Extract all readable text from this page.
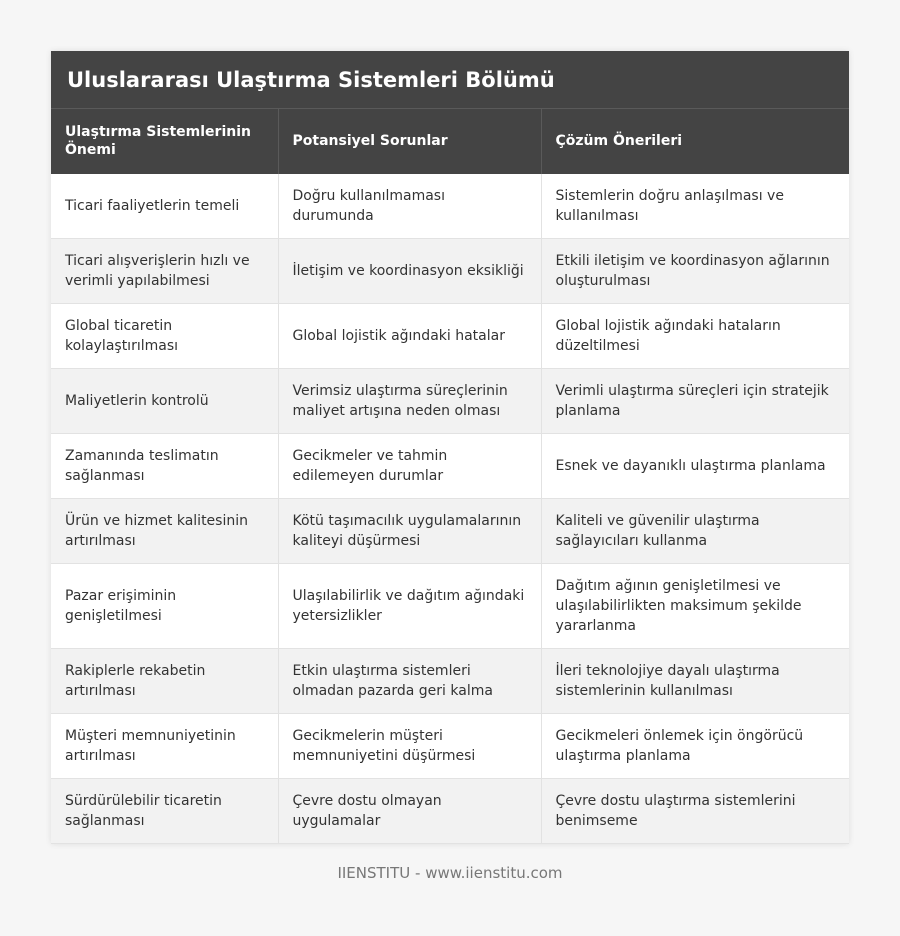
Uluslararası Ulaştırma Sistemleri Bölümü
Ulaştırma Sistemlerinin Önemi	Potansiyel Sorunlar	Çözüm Önerileri
Ticari faaliyetlerin temeli	Doğru kullanılmaması durumunda	Sistemlerin doğru anlaşılması ve kullanılması
Ticari alışverişlerin hızlı ve verimli yapılabilmesi	İletişim ve koordinasyon eksikliği	Etkili iletişim ve koordinasyon ağlarının oluşturulması
Global ticaretin kolaylaştırılması	Global lojistik ağındaki hatalar	Global lojistik ağındaki hataların düzeltilmesi
Maliyetlerin kontrolü	Verimsiz ulaştırma süreçlerinin maliyet artışına neden olması	Verimli ulaştırma süreçleri için stratejik planlama
Zamanında teslimatın sağlanması	Gecikmeler ve tahmin edilemeyen durumlar	Esnek ve dayanıklı ulaştırma planlama
Ürün ve hizmet kalitesinin artırılması	Kötü taşımacılık uygulamalarının kaliteyi düşürmesi	Kaliteli ve güvenilir ulaştırma sağlayıcıları kullanma
Pazar erişiminin genişletilmesi	Ulaşılabilirlik ve dağıtım ağındaki yetersizlikler	Dağıtım ağının genişletilmesi ve ulaşılabilirlikten maksimum şekilde yararlanma
Rakiplerle rekabetin artırılması	Etkin ulaştırma sistemleri olmadan pazarda geri kalma	İleri teknolojiye dayalı ulaştırma sistemlerinin kullanılması
Müşteri memnuniyetinin artırılması	Gecikmelerin müşteri memnuniyetini düşürmesi	Gecikmeleri önlemek için öngörücü ulaştırma planlama
Sürdürülebilir ticaretin sağlanması	Çevre dostu olmayan uygulamalar	Çevre dostu ulaştırma sistemlerini benimseme
IIENSTITU - www.iienstitu.com
